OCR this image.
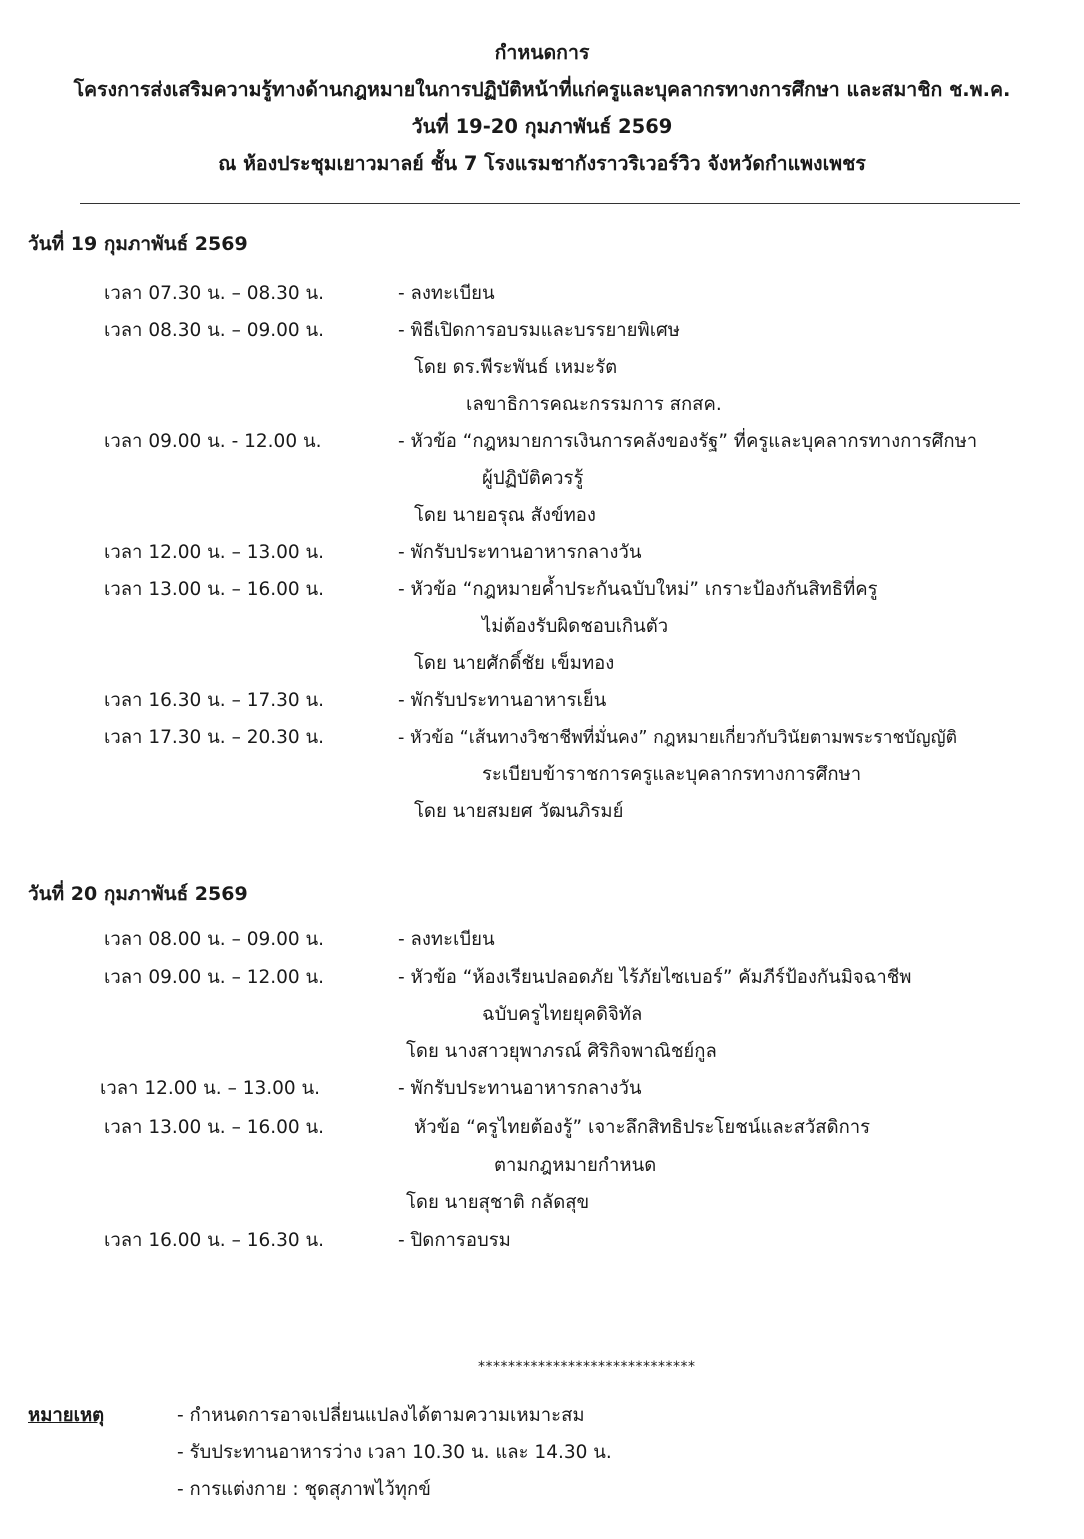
กำหนดการ
โครงการส่งเสริมความรู้ทางด้านกฎหมายในการปฏิบัติหน้าที่แก่ครูและบุคลากรทางการศึกษา และสมาชิก ช.พ.ค.
วันที่ 19-20 กุมภาพันธ์ 2569
ณ ห้องประชุมเยาวมาลย์ ชั้น 7 โรงแรมชากังราวริเวอร์วิว จังหวัดกำแพงเพชร
วันที่ 19 กุมภาพันธ์ 2569
เวลา 07.30 น. – 08.30 น.	- ลงทะเบียน
เวลา 08.30 น. – 09.00 น.	- พิธีเปิดการอบรมและบรรยายพิเศษ
โดย ดร.พีระพันธ์ เหมะรัต
เลขาธิการคณะกรรมการ สกสค.
เวลา 09.00 น. - 12.00 น.	- หัวข้อ “กฎหมายการเงินการคลังของรัฐ” ที่ครูและบุคลากรทางการศึกษา
ผู้ปฏิบัติควรรู้
โดย นายอรุณ สังข์ทอง
เวลา 12.00 น. – 13.00 น.	- พักรับประทานอาหารกลางวัน
เวลา 13.00 น. – 16.00 น.	- หัวข้อ “กฎหมายค้ำประกันฉบับใหม่” เกราะป้องกันสิทธิที่ครู
ไม่ต้องรับผิดชอบเกินตัว
โดย นายศักดิ์ชัย เข็มทอง
เวลา 16.30 น. – 17.30 น.	- พักรับประทานอาหารเย็น
เวลา 17.30 น. – 20.30 น.	- หัวข้อ “เส้นทางวิชาชีพที่มั่นคง” กฎหมายเกี่ยวกับวินัยตามพระราชบัญญัติ
ระเบียบข้าราชการครูและบุคลากรทางการศึกษา
โดย นายสมยศ วัฒนภิรมย์
วันที่ 20 กุมภาพันธ์ 2569
เวลา 08.00 น. – 09.00 น.	- ลงทะเบียน
เวลา 09.00 น. – 12.00 น.	- หัวข้อ “ห้องเรียนปลอดภัย ไร้ภัยไซเบอร์” คัมภีร์ป้องกันมิจฉาชีพ
ฉบับครูไทยยุคดิจิทัล
โดย นางสาวยุพาภรณ์ ศิริกิจพาณิชย์กูล
เวลา 12.00 น. – 13.00 น.	- พักรับประทานอาหารกลางวัน
เวลา 13.00 น. – 16.00 น.	หัวข้อ “ครูไทยต้องรู้” เจาะลึกสิทธิประโยชน์และสวัสดิการ
ตามกฎหมายกำหนด
โดย นายสุชาติ กลัดสุข
เวลา 16.00 น. – 16.30 น.	- ปิดการอบรม
*****************************
หมายเหตุ	- กำหนดการอาจเปลี่ยนแปลงได้ตามความเหมาะสม
- รับประทานอาหารว่าง เวลา 10.30 น. และ 14.30 น.
- การแต่งกาย : ชุดสุภาพไว้ทุกข์
